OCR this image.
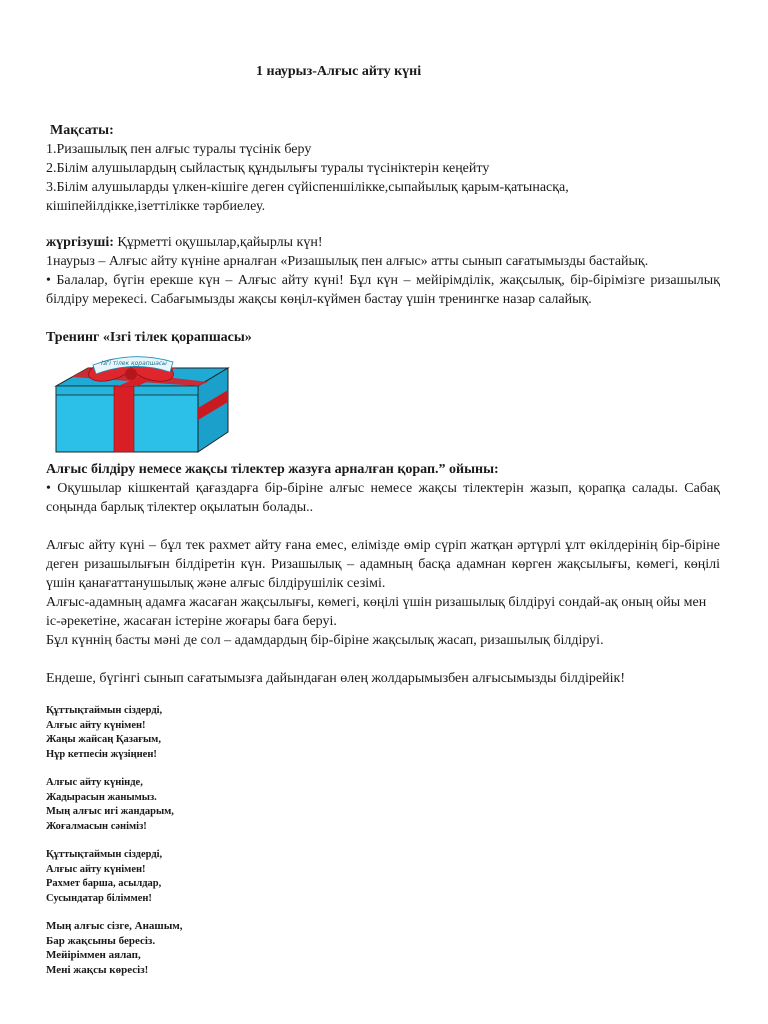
1 наурыз-Алғыс айту күні
Мақсаты:
1.Ризашылық пен алғыс туралы түсінік беру
2.Білім алушылардың сыйластық құндылығы туралы түсініктерін кеңейту
3.Білім алушыларды үлкен-кішіге деген сүйіспеншілікке,сыпайылық қарым-қатынасқа, кішіпейілдікке,ізеттілікке тәрбиелеу.
жүргізуші: Құрметті оқушылар,қайырлы күн!
1наурыз – Алғыс айту күніне арналған «Ризашылық пен алғыс» атты сынып сағатымызды бастайық.
• Балалар, бүгін ерекше күн – Алғыс айту күні! Бұл күн – мейірімділік, жақсылық, бір-бірімізге ризашылық білдіру мерекесі. Сабағымызды жақсы көңіл-күймен бастау үшін тренингке назар салайық.
Тренинг «Ізгі тілек қорапшасы»
Ізгі тілек қорапшасы
Алғыс білдіру немесе жақсы тілектер жазуға арналған қорап.” ойыны:
• Оқушылар кішкентай қағаздарға бір-біріне алғыс немесе жақсы тілектерін жазып, қорапқа салады. Сабақ соңында барлық тілектер оқылатын болады..
Алғыс айту күні – бұл тек рахмет айту ғана емес, елімізде өмір сүріп жатқан әртүрлі ұлт өкілдерінің бір-біріне деген ризашылығын білдіретін күн. Ризашылық – адамның басқа адамнан көрген жақсылығы, көмегі, көңілі үшін қанағаттанушылық және алғыс білдірушілік сезімі.
Алғыс-адамның адамға жасаған жақсылығы, көмегі, көңілі үшін ризашылық білдіруі сондай-ақ оның ойы мен іс-әрекетіне, жасаған істеріне жоғары баға беруі.
Бұл күннің басты мәні де сол – адамдардың бір-біріне жақсылық жасап, ризашылық білдіруі.
Ендеше, бүгінгі сынып сағатымызға дайындаған өлең жолдарымызбен алғысымызды білдірейік!
Құттықтаймын сіздерді,
Алғыс айту күнімен!
Жаңы жайсаң Қазағым,
Нұр кетпесін жүзіңнен!
Алғыс айту күнінде,
Жадырасын жанымыз.
Мың алғыс игі жандарым,
Жоғалмасын сәніміз!
Құттықтаймын сіздерді,
Алғыс айту күнімен!
Рахмет барша, асылдар,
Сусындатар біліммен!
Мың алғыс сізге, Анашым,
Бар жақсыны бересіз.
Мейіріммен аялап,
Мені жақсы көресіз!
